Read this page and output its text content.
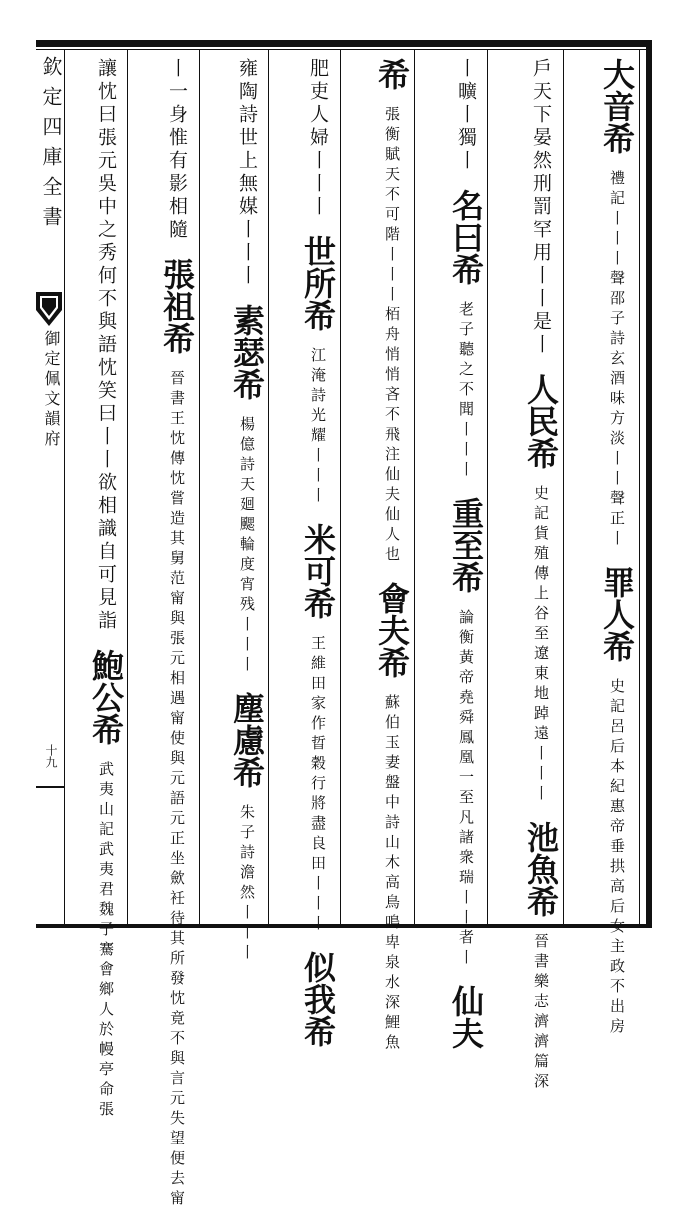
欽定四庫全書
御定佩文韻府
十九
大音希禮記丨丨丨聲邵子詩玄酒味方淡丨丨聲正丨罪人希史記呂后本紀惠帝垂拱高后女主政不出房
戶天下晏然刑罰罕用丨丨是丨人民希史記貨殖傳上谷至遼東地踔遠丨丨丨池魚希晉書樂志濟濟篇深
丨曠丨獨丨名曰希老子聽之不聞丨丨丨重至希論衡黃帝堯舜鳳凰一至凡諸衆瑞丨丨者丨仙夫
希張衡賦天不可階丨丨丨栢舟悄悄吝不飛注仙夫仙人也會夫希蘇伯玉妻盤中詩山木高鳥鳴卑泉水深鯉魚
肥吏人婦丨丨丨世所希江淹詩光耀丨丨丨米可希王維田家作晢穀行將盡良田丨丨丨似我希
雍陶詩世上無媒丨丨丨素瑟希楊億詩天廻颸輪度宵残丨丨丨塵慮希朱子詩澹然丨丨丨
丨一身惟有影相隨張祖希晉書王忱傳忱嘗造其舅范甯與張元相遇甯使與元語元正坐歛衽待其所發忱竟不與言元失望便去甯
讓忱曰張元吳中之秀何不與語忱笑曰丨丨欲相識自可見詣鮑公希武夷山記武夷君魏子騫會鄉人於幔亭命張
